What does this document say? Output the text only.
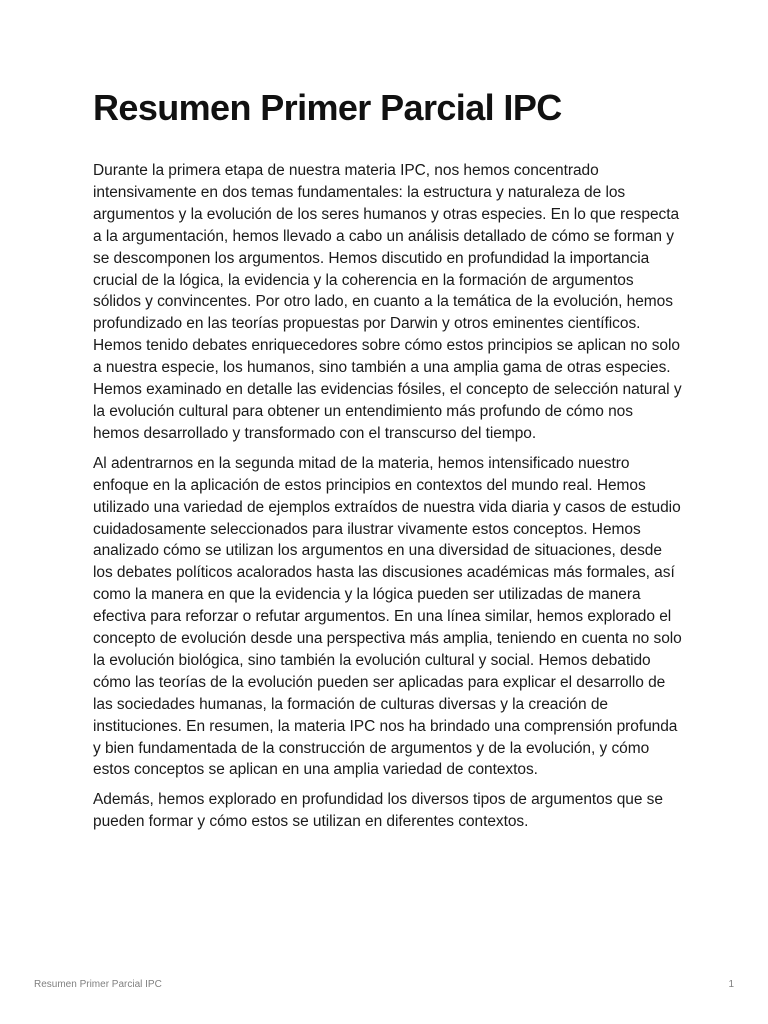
Resumen Primer Parcial IPC

Durante la primera etapa de nuestra materia IPC, nos hemos concentrado intensivamente en dos temas fundamentales: la estructura y naturaleza de los argumentos y la evolución de los seres humanos y otras especies. En lo que respecta a la argumentación, hemos llevado a cabo un análisis detallado de cómo se forman y se descomponen los argumentos. Hemos discutido en profundidad la importancia crucial de la lógica, la evidencia y la coherencia en la formación de argumentos sólidos y convincentes. Por otro lado, en cuanto a la temática de la evolución, hemos profundizado en las teorías propuestas por Darwin y otros eminentes científicos. Hemos tenido debates enriquecedores sobre cómo estos principios se aplican no solo a nuestra especie, los humanos, sino también a una amplia gama de otras especies. Hemos examinado en detalle las evidencias fósiles, el concepto de selección natural y la evolución cultural para obtener un entendimiento más profundo de cómo nos hemos desarrollado y transformado con el transcurso del tiempo.

Al adentrarnos en la segunda mitad de la materia, hemos intensificado nuestro enfoque en la aplicación de estos principios en contextos del mundo real. Hemos utilizado una variedad de ejemplos extraídos de nuestra vida diaria y casos de estudio cuidadosamente seleccionados para ilustrar vivamente estos conceptos. Hemos analizado cómo se utilizan los argumentos en una diversidad de situaciones, desde los debates políticos acalorados hasta las discusiones académicas más formales, así como la manera en que la evidencia y la lógica pueden ser utilizadas de manera efectiva para reforzar o refutar argumentos. En una línea similar, hemos explorado el concepto de evolución desde una perspectiva más amplia, teniendo en cuenta no solo la evolución biológica, sino también la evolución cultural y social. Hemos debatido cómo las teorías de la evolución pueden ser aplicadas para explicar el desarrollo de las sociedades humanas, la formación de culturas diversas y la creación de instituciones. En resumen, la materia IPC nos ha brindado una comprensión profunda y bien fundamentada de la construcción de argumentos y de la evolución, y cómo estos conceptos se aplican en una amplia variedad de contextos.

Además, hemos explorado en profundidad los diversos tipos de argumentos que se pueden formar y cómo estos se utilizan en diferentes contextos.

Resumen Primer Parcial IPC	1
